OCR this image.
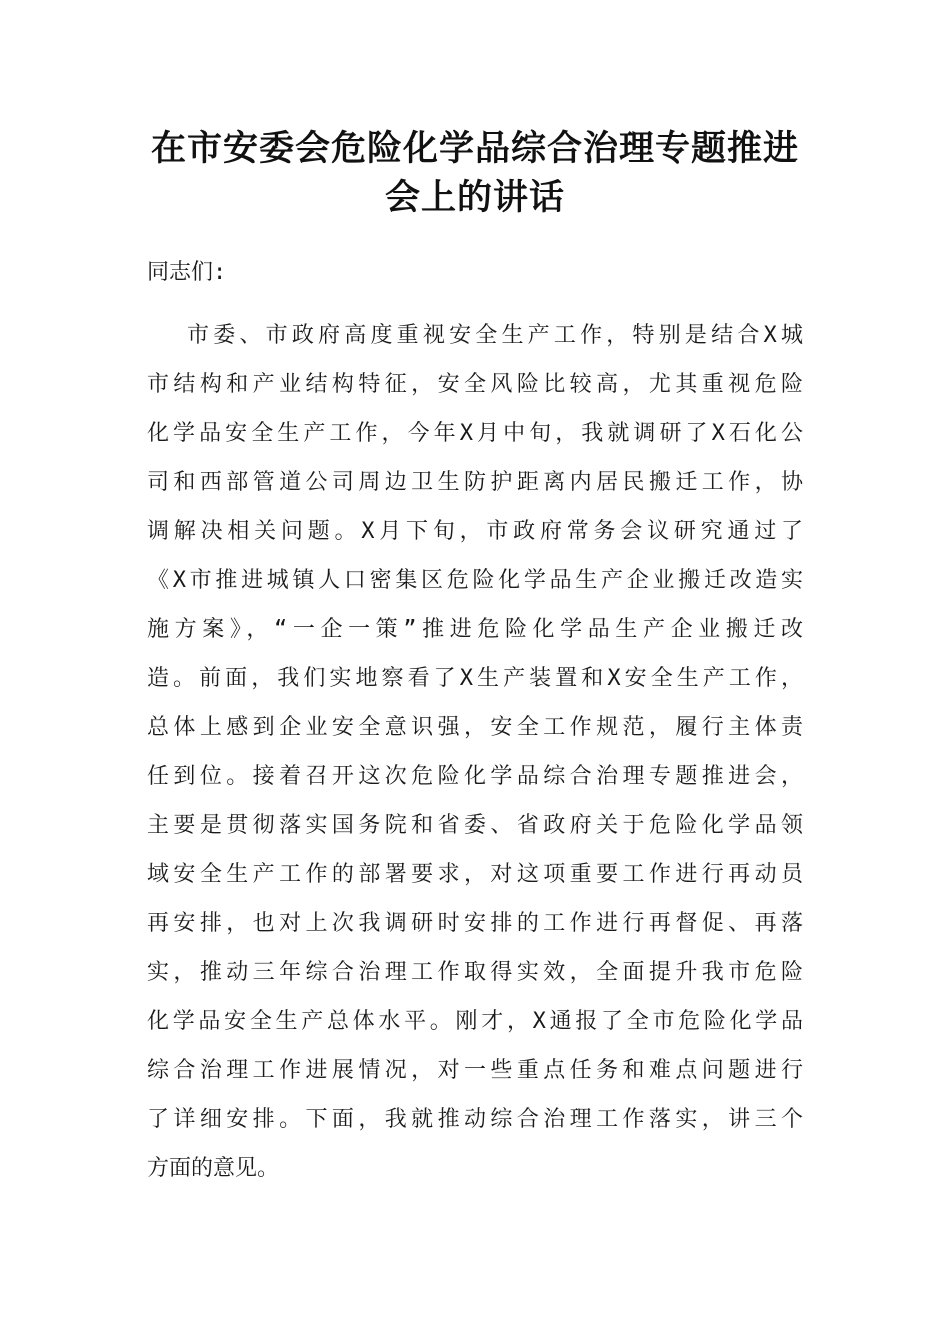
在市安委会危险化学品综合治理专题推进
会上的讲话

同志们:

市委、市政府高度重视安全生产工作，特别是结合X城

市结构和产业结构特征，安全风险比较高，尤其重视危险

化学品安全生产工作，今年X月中旬，我就调研了X石化公

司和西部管道公司周边卫生防护距离内居民搬迁工作，协

调解决相关问题。X月下旬，市政府常务会议研究通过了

《X市推进城镇人口密集区危险化学品生产企业搬迁改造实

施方案》，“一企一策”推进危险化学品生产企业搬迁改

造。前面，我们实地察看了X生产装置和X安全生产工作，

总体上感到企业安全意识强，安全工作规范，履行主体责

任到位。接着召开这次危险化学品综合治理专题推进会，

主要是贯彻落实国务院和省委、省政府关于危险化学品领

域安全生产工作的部署要求，对这项重要工作进行再动员

再安排，也对上次我调研时安排的工作进行再督促、再落

实，推动三年综合治理工作取得实效，全面提升我市危险

化学品安全生产总体水平。刚才，X通报了全市危险化学品

综合治理工作进展情况，对一些重点任务和难点问题进行

了详细安排。下面，我就推动综合治理工作落实，讲三个

方面的意见。
